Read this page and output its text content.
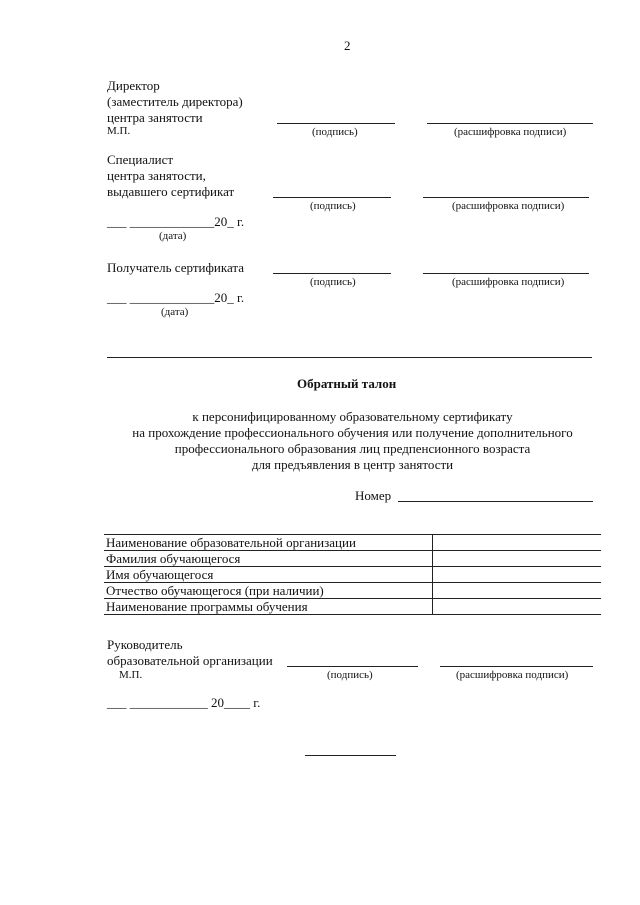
2
Директор
(заместитель директора)
центра занятости
М.П.	(подпись)	(расшифровка подписи)
Специалист
центра занятости,
выдавшего сертификат
(подпись)	(расшифровка подписи)
___ _____________20_ г.
(дата)
Получатель сертификата
(подпись)	(расшифровка подписи)
___ _____________20_ г.
(дата)
Обратный талон
к персонифицированному образовательному сертификату
на прохождение профессионального обучения или получение дополнительного
профессионального образования лиц предпенсионного возраста
для предъявления в центр занятости
Номер
Наименование образовательной организации	
Фамилия обучающегося	
Имя обучающегося	
Отчество обучающегося (при наличии)	
Наименование программы обучения	
Руководитель
образовательной организации
М.П.	(подпись)	(расшифровка подписи)
___ ____________ 20____ г.
